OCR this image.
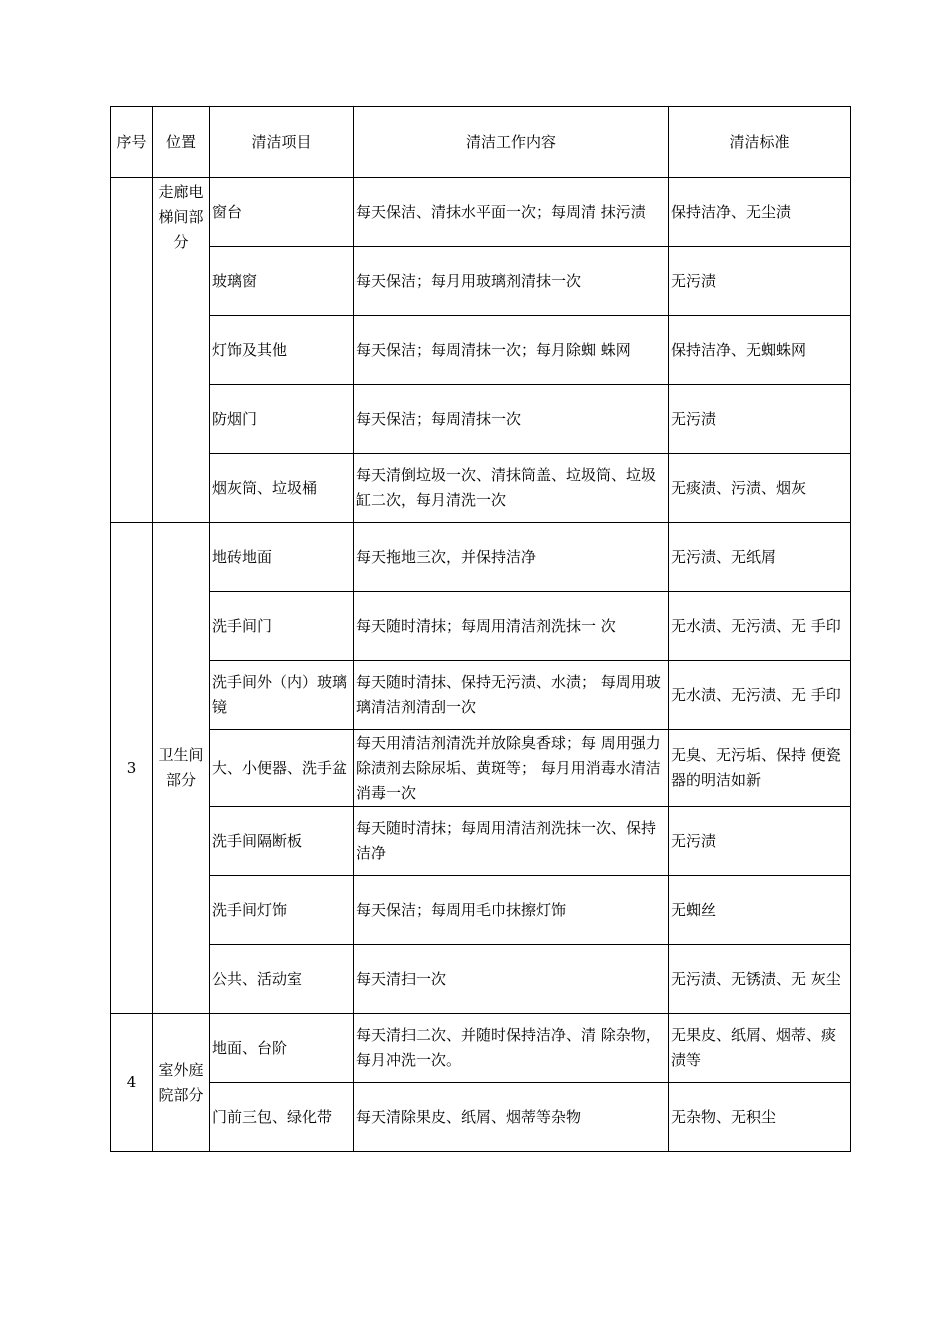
序号	位置	清洁项目	清洁工作内容	清洁标准
	走廊电梯间部分	窗台	每天保洁、清抹水平面一次；每周清 抹污渍	保持洁净、无尘渍
		玻璃窗	每天保洁；每月用玻璃剂清抹一次	无污渍
		灯饰及其他	每天保洁；每周清抹一次；每月除蜘 蛛网	保持洁净、无蜘蛛网
		防烟门	每天保洁；每周清抹一次	无污渍
		烟灰筒、垃圾桶	每天清倒垃圾一次、清抹筒盖、垃圾筒、垃圾缸二次，每月清洗一次	无痰渍、污渍、烟灰
3	卫生间部分	地砖地面	每天拖地三次，并保持洁净	无污渍、无纸屑
		洗手间门	每天随时清抹；每周用清洁剂洗抹一 次	无水渍、无污渍、无 手印
		洗手间外（内）玻璃镜	每天随时清抹、保持无污渍、水渍； 每周用玻璃清洁剂清刮一次	无水渍、无污渍、无 手印
		大、小便器、洗手盆	每天用清洁剂清洗并放除臭香球；每 周用强力除渍剂去除尿垢、黄斑等； 每月用消毒水清洁消毒一次	无臭、无污垢、保持 便瓷器的明洁如新
		洗手间隔断板	每天随时清抹；每周用清洁剂洗抹一次、保持洁净	无污渍
		洗手间灯饰	每天保洁；每周用毛巾抹擦灯饰	无蜘丝
		公共、活动室	每天清扫一次	无污渍、无锈渍、无 灰尘
4	室外庭院部分	地面、台阶	每天清扫二次、并随时保持洁净、清 除杂物，每月冲洗一次。	无果皮、纸屑、烟蒂、痰渍等
		门前三包、绿化带	每天清除果皮、纸屑、烟蒂等杂物	无杂物、无积尘
